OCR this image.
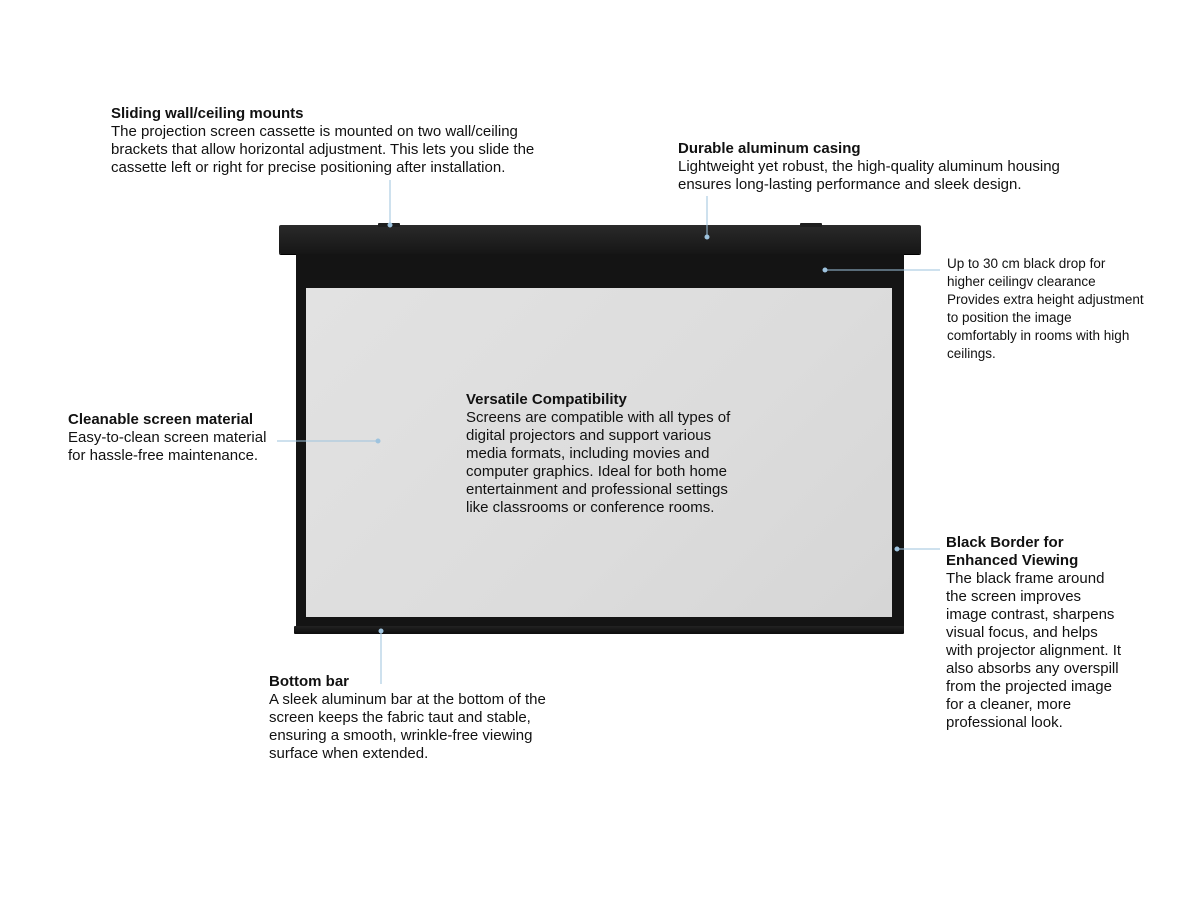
Sliding wall/ceiling mounts
The projection screen cassette is mounted on two wall/ceiling
brackets that allow horizontal adjustment. This lets you slide the
cassette left or right for precise positioning after installation.
Durable aluminum casing
Lightweight yet robust, the high-quality aluminum housing
ensures long-lasting performance and sleek design.
Up to 30 cm black drop for
higher ceilingv clearance
Provides extra height adjustment
to position the image
comfortably in rooms with high
ceilings.
Cleanable screen material
Easy-to-clean screen material
for hassle-free maintenance.
Versatile Compatibility
Screens are compatible with all types of
digital projectors and support various
media formats, including movies and
computer graphics. Ideal for both home
entertainment and professional settings
like classrooms or conference rooms.
Black Border for
Enhanced Viewing
The black frame around
the screen improves
image contrast, sharpens
visual focus, and helps
with projector alignment. It
also absorbs any overspill
from the projected image
for a cleaner, more
professional look.
Bottom bar
A sleek aluminum bar at the bottom of the
screen keeps the fabric taut and stable,
ensuring a smooth, wrinkle-free viewing
surface when extended.
